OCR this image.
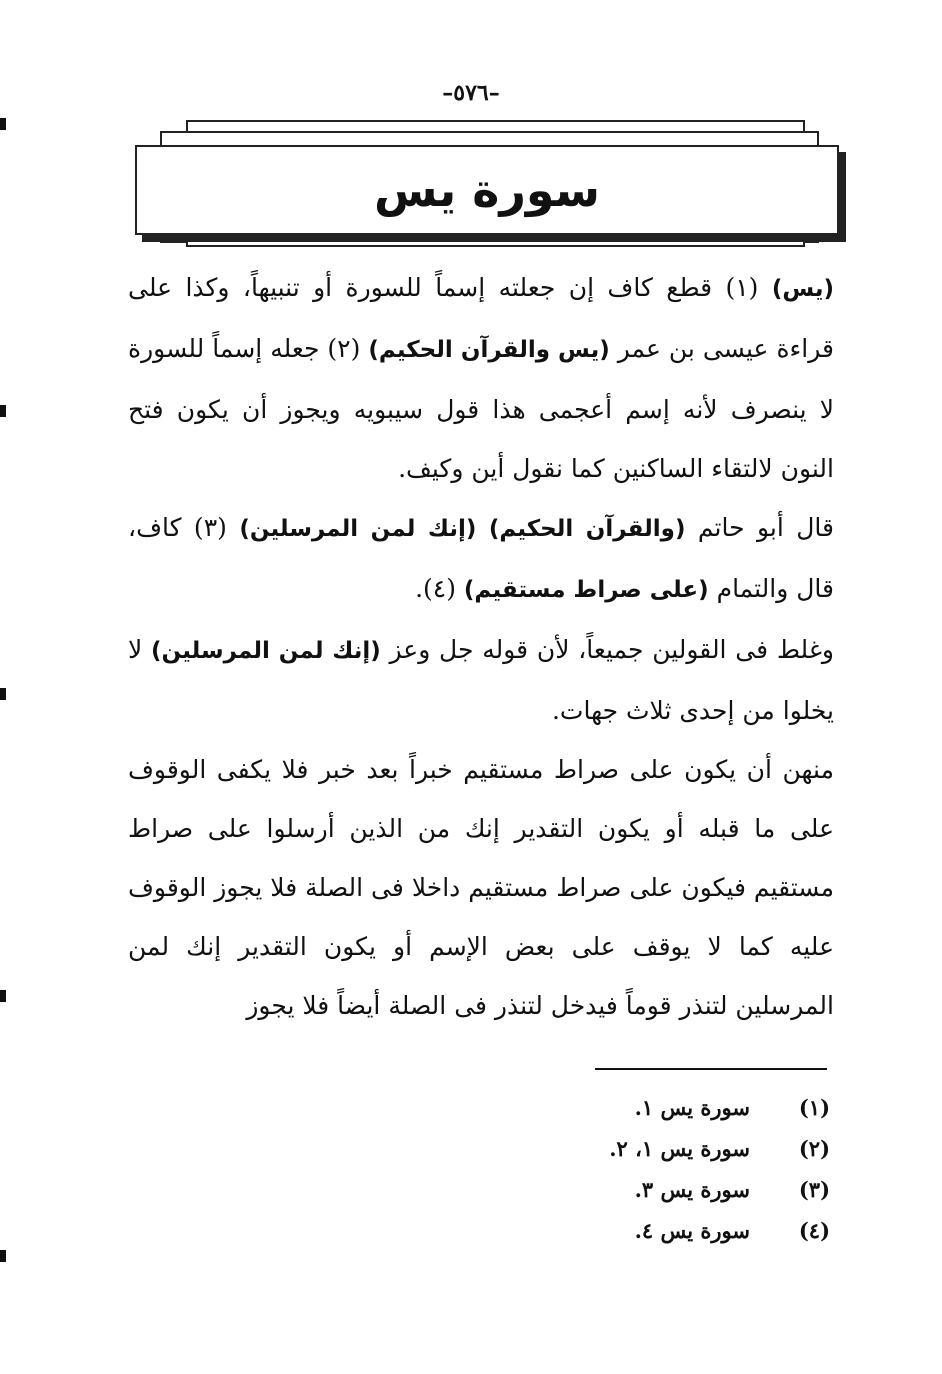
–٥٧٦–
سورة يس

(يس) (١) قطع كاف إن جعلته إسماً للسورة أو تنبيهاً، وكذا على قراءة عيسى بن عمر (يس والقرآن الحكيم) (٢) جعله إسماً للسورة لا ينصرف لأنه إسم أعجمى هذا قول سيبويه ويجوز أن يكون فتح النون لالتقاء الساكنين كما نقول أين وكيف.

قال أبو حاتم (والقرآن الحكيم) (إنك لمن المرسلين) (٣) كاف، قال والتمام (على صراط مستقيم) (٤).

وغلط فى القولين جميعاً، لأن قوله جل وعز (إنك لمن المرسلين) لا يخلوا من إحدى ثلاث جهات.

منهن أن يكون على صراط مستقيم خبراً بعد خبر فلا يكفى الوقوف على ما قبله أو يكون التقدير إنك من الذين أرسلوا على صراط مستقيم فيكون على صراط مستقيم داخلا فى الصلة فلا يجوز الوقوف عليه كما لا يوقف على بعض الإسم أو يكون التقدير إنك لمن المرسلين لتنذر قوماً فيدخل لتنذر فى الصلة أيضاً فلا يجوز

(١)
سورة يس ١.
(٢)
سورة يس ١، ٢.
(٣)
سورة يس ٣.
(٤)
سورة يس ٤.
